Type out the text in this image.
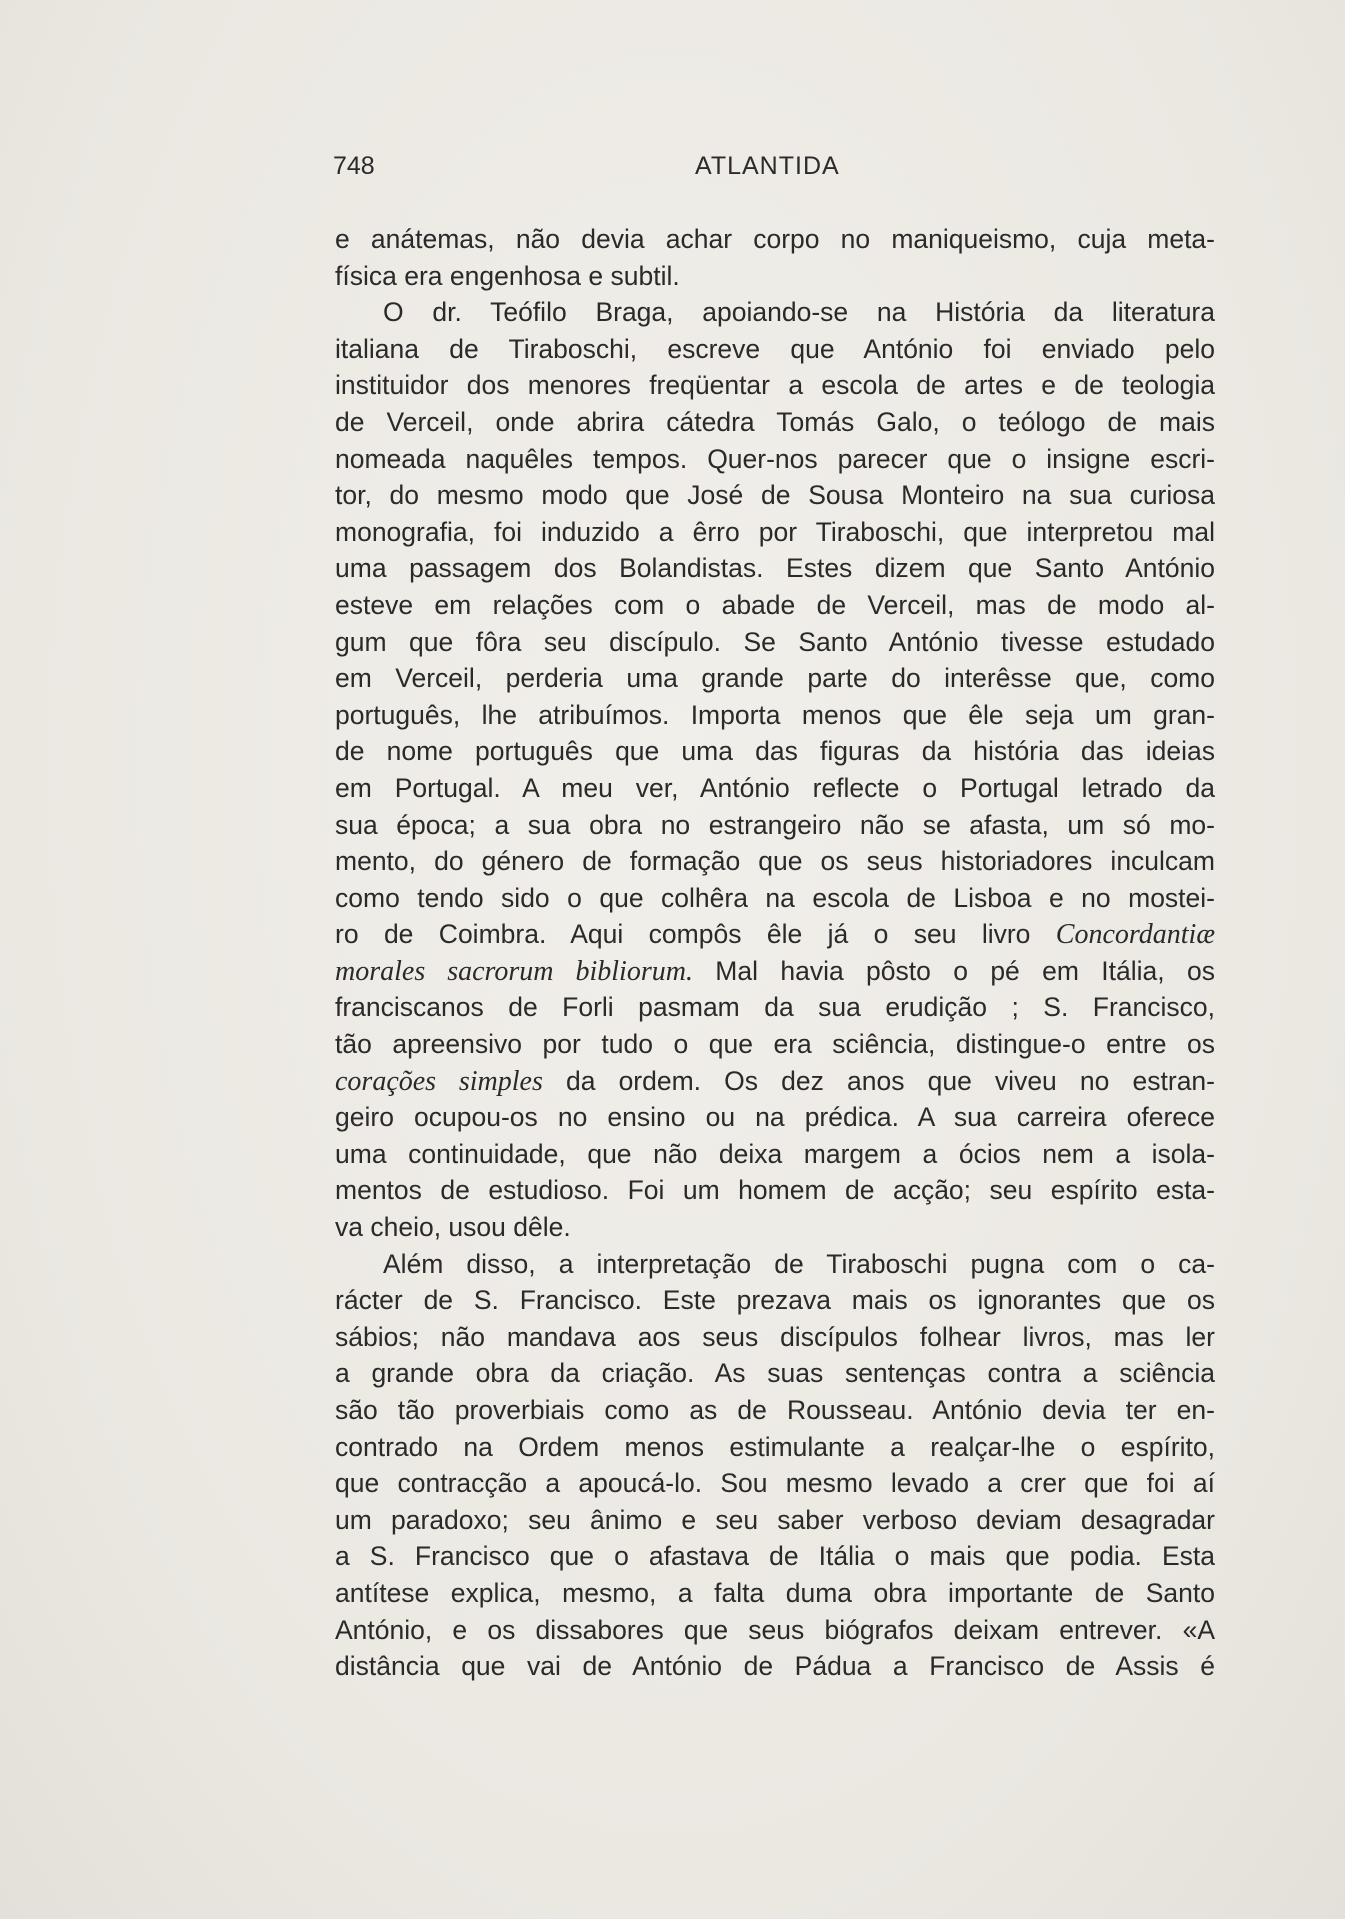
748	ATLANTIDA
e anátemas, não devia achar corpo no maniqueismo, cuja meta-
física era engenhosa e subtil.
O dr. Teófilo Braga, apoiando-se na História da literatura
italiana de Tiraboschi, escreve que António foi enviado pelo
instituidor dos menores freqüentar a escola de artes e de teologia
de Verceil, onde abrira cátedra Tomás Galo, o teólogo de mais
nomeada naquêles tempos. Quer-nos parecer que o insigne escri-
tor, do mesmo modo que José de Sousa Monteiro na sua curiosa
monografia, foi induzido a êrro por Tiraboschi, que interpretou mal
uma passagem dos Bolandistas. Estes dizem que Santo António
esteve em relações com o abade de Verceil, mas de modo al-
gum que fôra seu discípulo. Se Santo António tivesse estudado
em Verceil, perderia uma grande parte do interêsse que, como
português, lhe atribuímos. Importa menos que êle seja um gran-
de nome português que uma das figuras da história das ideias
em Portugal. A meu ver, António reflecte o Portugal letrado da
sua época; a sua obra no estrangeiro não se afasta, um só mo-
mento, do género de formação que os seus historiadores inculcam
como tendo sido o que colhêra na escola de Lisboa e no mostei-
ro de Coimbra. Aqui compôs êle já o seu livro Concordantiæ
morales sacrorum bibliorum. Mal havia pôsto o pé em Itália, os
franciscanos de Forli pasmam da sua erudição ; S. Francisco,
tão apreensivo por tudo o que era sciência, distingue-o entre os
corações simples da ordem. Os dez anos que viveu no estran-
geiro ocupou-os no ensino ou na prédica. A sua carreira oferece
uma continuidade, que não deixa margem a ócios nem a isola-
mentos de estudioso. Foi um homem de acção; seu espírito esta-
va cheio, usou dêle.
Além disso, a interpretação de Tiraboschi pugna com o ca-
rácter de S. Francisco. Este prezava mais os ignorantes que os
sábios; não mandava aos seus discípulos folhear livros, mas ler
a grande obra da criação. As suas sentenças contra a sciência
são tão proverbiais como as de Rousseau. António devia ter en-
contrado na Ordem menos estimulante a realçar-lhe o espírito,
que contracção a apoucá-lo. Sou mesmo levado a crer que foi aí
um paradoxo; seu ânimo e seu saber verboso deviam desagradar
a S. Francisco que o afastava de Itália o mais que podia. Esta
antítese explica, mesmo, a falta duma obra importante de Santo
António, e os dissabores que seus biógrafos deixam entrever. «A
distância que vai de António de Pádua a Francisco de Assis é
